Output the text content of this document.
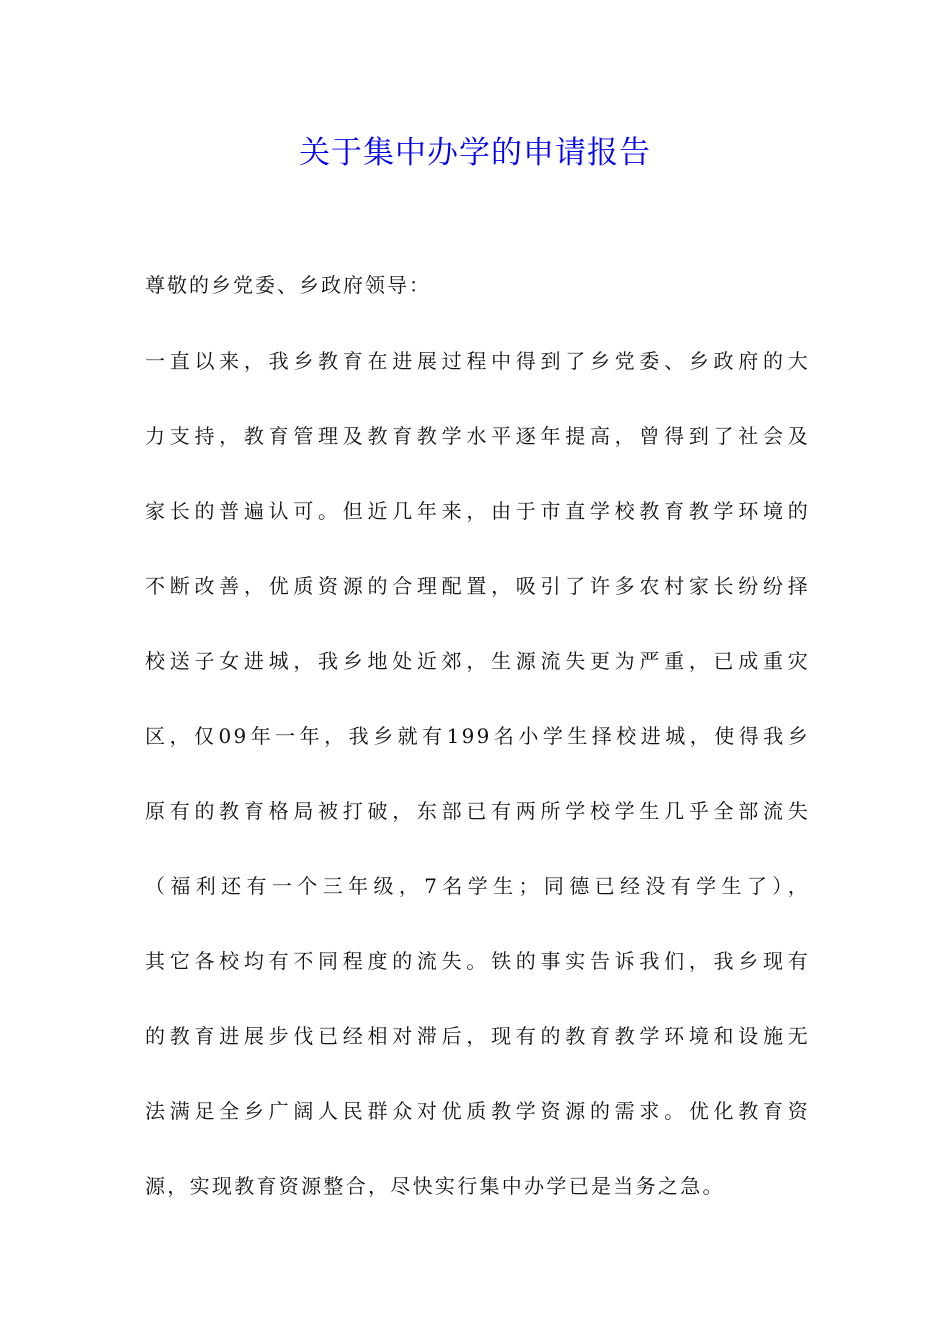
关于集中办学的申请报告
尊敬的乡党委、乡政府领导：
一直以来，我乡教育在进展过程中得到了乡党委、乡政府的大
力支持，教育管理及教育教学水平逐年提高，曾得到了社会及
家长的普遍认可。但近几年来，由于市直学校教育教学环境的
不断改善，优质资源的合理配置，吸引了许多农村家长纷纷择
校送子女进城，我乡地处近郊，生源流失更为严重，已成重灾
区，仅09年一年，我乡就有199名小学生择校进城，使得我乡
原有的教育格局被打破，东部已有两所学校学生几乎全部流失
（福利还有一个三年级，7名学生；同德已经没有学生了），
其它各校均有不同程度的流失。铁的事实告诉我们，我乡现有
的教育进展步伐已经相对滞后，现有的教育教学环境和设施无
法满足全乡广阔人民群众对优质教学资源的需求。优化教育资
源，实现教育资源整合，尽快实行集中办学已是当务之急。
